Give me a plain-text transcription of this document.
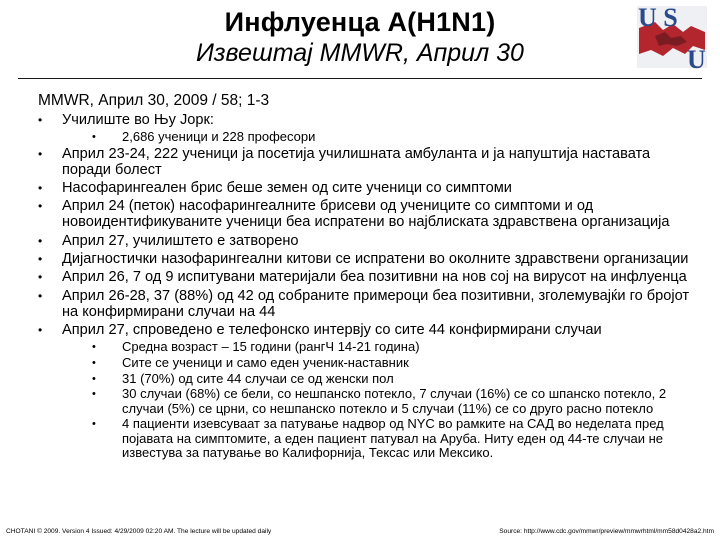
Инфлуенца A(H1N1)
Извештај MMWR, Април 30
U S
U
MMWR, Април 30, 2009 / 58; 1-3
• Училиште во Њу Јорк:
• 2,686 ученици и 228 професори
• Април 23-24, 222 ученици ја посетија училишната амбуланта и ја напуштија наставата поради болест
• Насофарингеален брис беше земен од сите ученици со симптоми
• Април 24 (петок) насофарингеалните брисеви од учениците со симптоми и од новоидентификуваните ученици беа испратени во најблиската здравствена организација
• Април 27, училиштето е затворено
• Дијагностички назофарингеални китови се испратени во околните здравствени организации
• Април 26, 7 од 9 испитувани материјали беа позитивни на нов сој на вирусот на инфлуенца
• Април 26-28, 37 (88%) од 42 од собраните примероци беа позитивни, зголемувајќи го бројот на конфирмирани случаи на 44
• Април 27, спроведено е телефонско интервју со сите 44 конфирмирани случаи
• Средна возраст – 15 години (рангЧ 14-21 година)
• Сите се ученици и само еден ученик-наставник
• 31 (70%) од сите 44 случаи се од женски пол
• 30 случаи (68%) се бели, со нешпанско потекло, 7 случаи (16%) се со шпанско потекло, 2 случаи (5%) се црни, со нешпанско потекло и 5 случаи (11%) се со друго расно потекло
• 4 пациенти изевсуваат за патување надвор од NYC во рамките на САД во неделата пред појавата на симптомите, а еден пациент патувал на Аруба. Ниту еден од 44-те случаи не известува за патување во Калифорнија, Тексас или Мексико.
CHOTANI © 2009. Version 4 Issued: 4/29/2009 02:20 AM. The lecture will be updated daily	Source: http://www.cdc.gov/mmwr/preview/mmwrhtml/mm58d0428a2.htm
